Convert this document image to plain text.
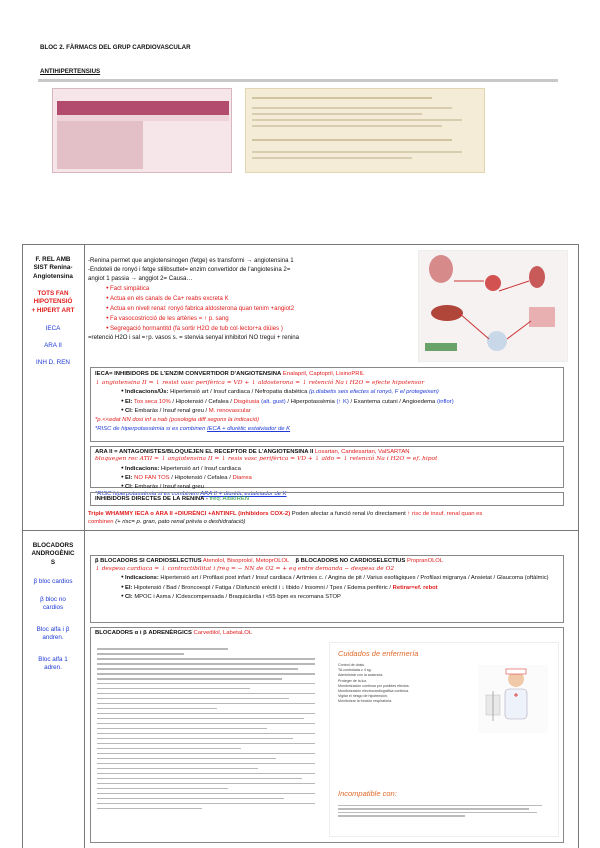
BLOC 2. FÀRMACS DEL GRUP CARDIOVASCULAR
ANTIHIPERTENSIUS
F. REL AMB
SIST Renina-
Angiotensina
TOTS FAN
HIPOTENSIÓ
+ HIPERT ART
IECA
ARA II
INH D. REN
BLOCADORS
ANDROGÈNIC
S
β bloc cardios
β bloc no
cardios
Bloc alfa i β
andren.
Bloc alfa 1
adren.
-Renina permet que angiotensinogen (fetge) es transformi → angiotensina 1
-Endoteli de ronyó i fetge stilibsuttet= enzim convertidor de l'angiotesina 2=
angiot 1 passia → anggiot 2= Causa…
● Fact simpàtica
● Actua en els canals de Ca+ reabs excreta K
● Actua en nivell renal: ronyó fabrica aldosterona quan tenim +angiot2
● Fa vasocostricció de les artèries = ↑ p. sang
● Segregació hormantitd (fa sortir H2O de tub col·lector+a diüies )
=retenció H2O i sal =↑p. vasos s. = stenvia senyal inhibitori NO tregui + renina
IECA= INHIBIDORS DE L'ENZIM CONVERTIDOR D'ANGIOTENSINA Enalapril, Captopril, LisinoPRIL
↓ angiotensina II = ↓ resist vasc perifèrica = VD + ↓ aldosterona = ↓ retenció Na i H2O = efecte hipotensor
● Indicacions/Ús: Hipertensió art / Insuf cardiaca / Nefropatia diabètica (p.diabetis seis efectes al ronyó, F el protegeixen)
● EI: Tos seca 10% / Hipotensió / Cefalea / Disgèusia (alt. gust) / Hiperpotassèmia (↑ K) / Exantema cutani / Angioedema (inflor)
● CI: Embaràs / Insuf renal greu / M. renovascular
*p.<<edat NN dosi inf a nab (posologia diff segons la indicació)
*RISC de hiperpotassèmia si es combinen IECA + diurètic estalviador de K
ARA II = ANTAGONISTES/BLOQUEJEN EL RECEPTOR DE L'ANGIOTENSINA II Losartan, Candesartan, ValSARTAN
bloquegen rec ATII = ↓ angiotensina II = ↓ resis vasc perifèrica = VD + ↓ aldo = ↓ retenció Na i H2O = ef. hipot
● Indicacions: Hipertensió art / Insuf cardiaca
● EI: NO FAN TOS / Hipotensió / Cefalea / Diarrea
● CI: Embaràs / Insuf renal greu
*RISC hiperpotassèmia si es combinem ARA II + diurètic estalviador de K
INHIBIDORS DIRECTES DE LA RENINA - freq: AliskIRÈN
Triple WHAMMY IECA o ARA II +DIURÈNCI +ANTINFL (inhibidors COX-2) Poden afectar a funció renal i/o directament ↑ risc de insuf. renal quan es
combinen (+ risc= p. gran, pato renal prèvia o deshidratació)
β BLOCADORS SI CARDIOSELECTIUS Atenolol, Bisoprolol, MetoprOLOL β BLOCADORS NO CARDIOSELECTIUS PropranOLOL
↓ despesa cardiaca = ↓ contractibilitat i freq = − NN de O2 = + eq entre demanda − despesa de O2
● Indicacions: Hipertensió art / Profilaxi post infart / Insuf cardiaca / Arítmies c. / Angina de pit / Varius esofàgiques / Profilaxi migranya / Ansietat / Glaucoma (oftàlmic)
● EI: Hipotensió / Bad / Broncoespl / Fatiga / Disfunció erèctil i ↓ libido / Insomni / Tpes / Edema perifèric / Retirar=ef. rebot
● CI: MPOC i Asma / ICdescompensada / Braquicàrdia i <55 bpm es recomana STOP
BLOCADORS α i β ADRENÈRGICS Carvedilol, LabetaLOL
Cuidados de enfermería
Control de dosis.
TA controlada ≥ 4 sg.
Administrar con la ausencia.
Proteger de la luz.
Monitorización continua por posibles efectos.
Monitorización electrocardiográfica continua.
Vigilar el riesgo de hipotensión.
Monitorizar la función respiratoria.
Incompatible con:
